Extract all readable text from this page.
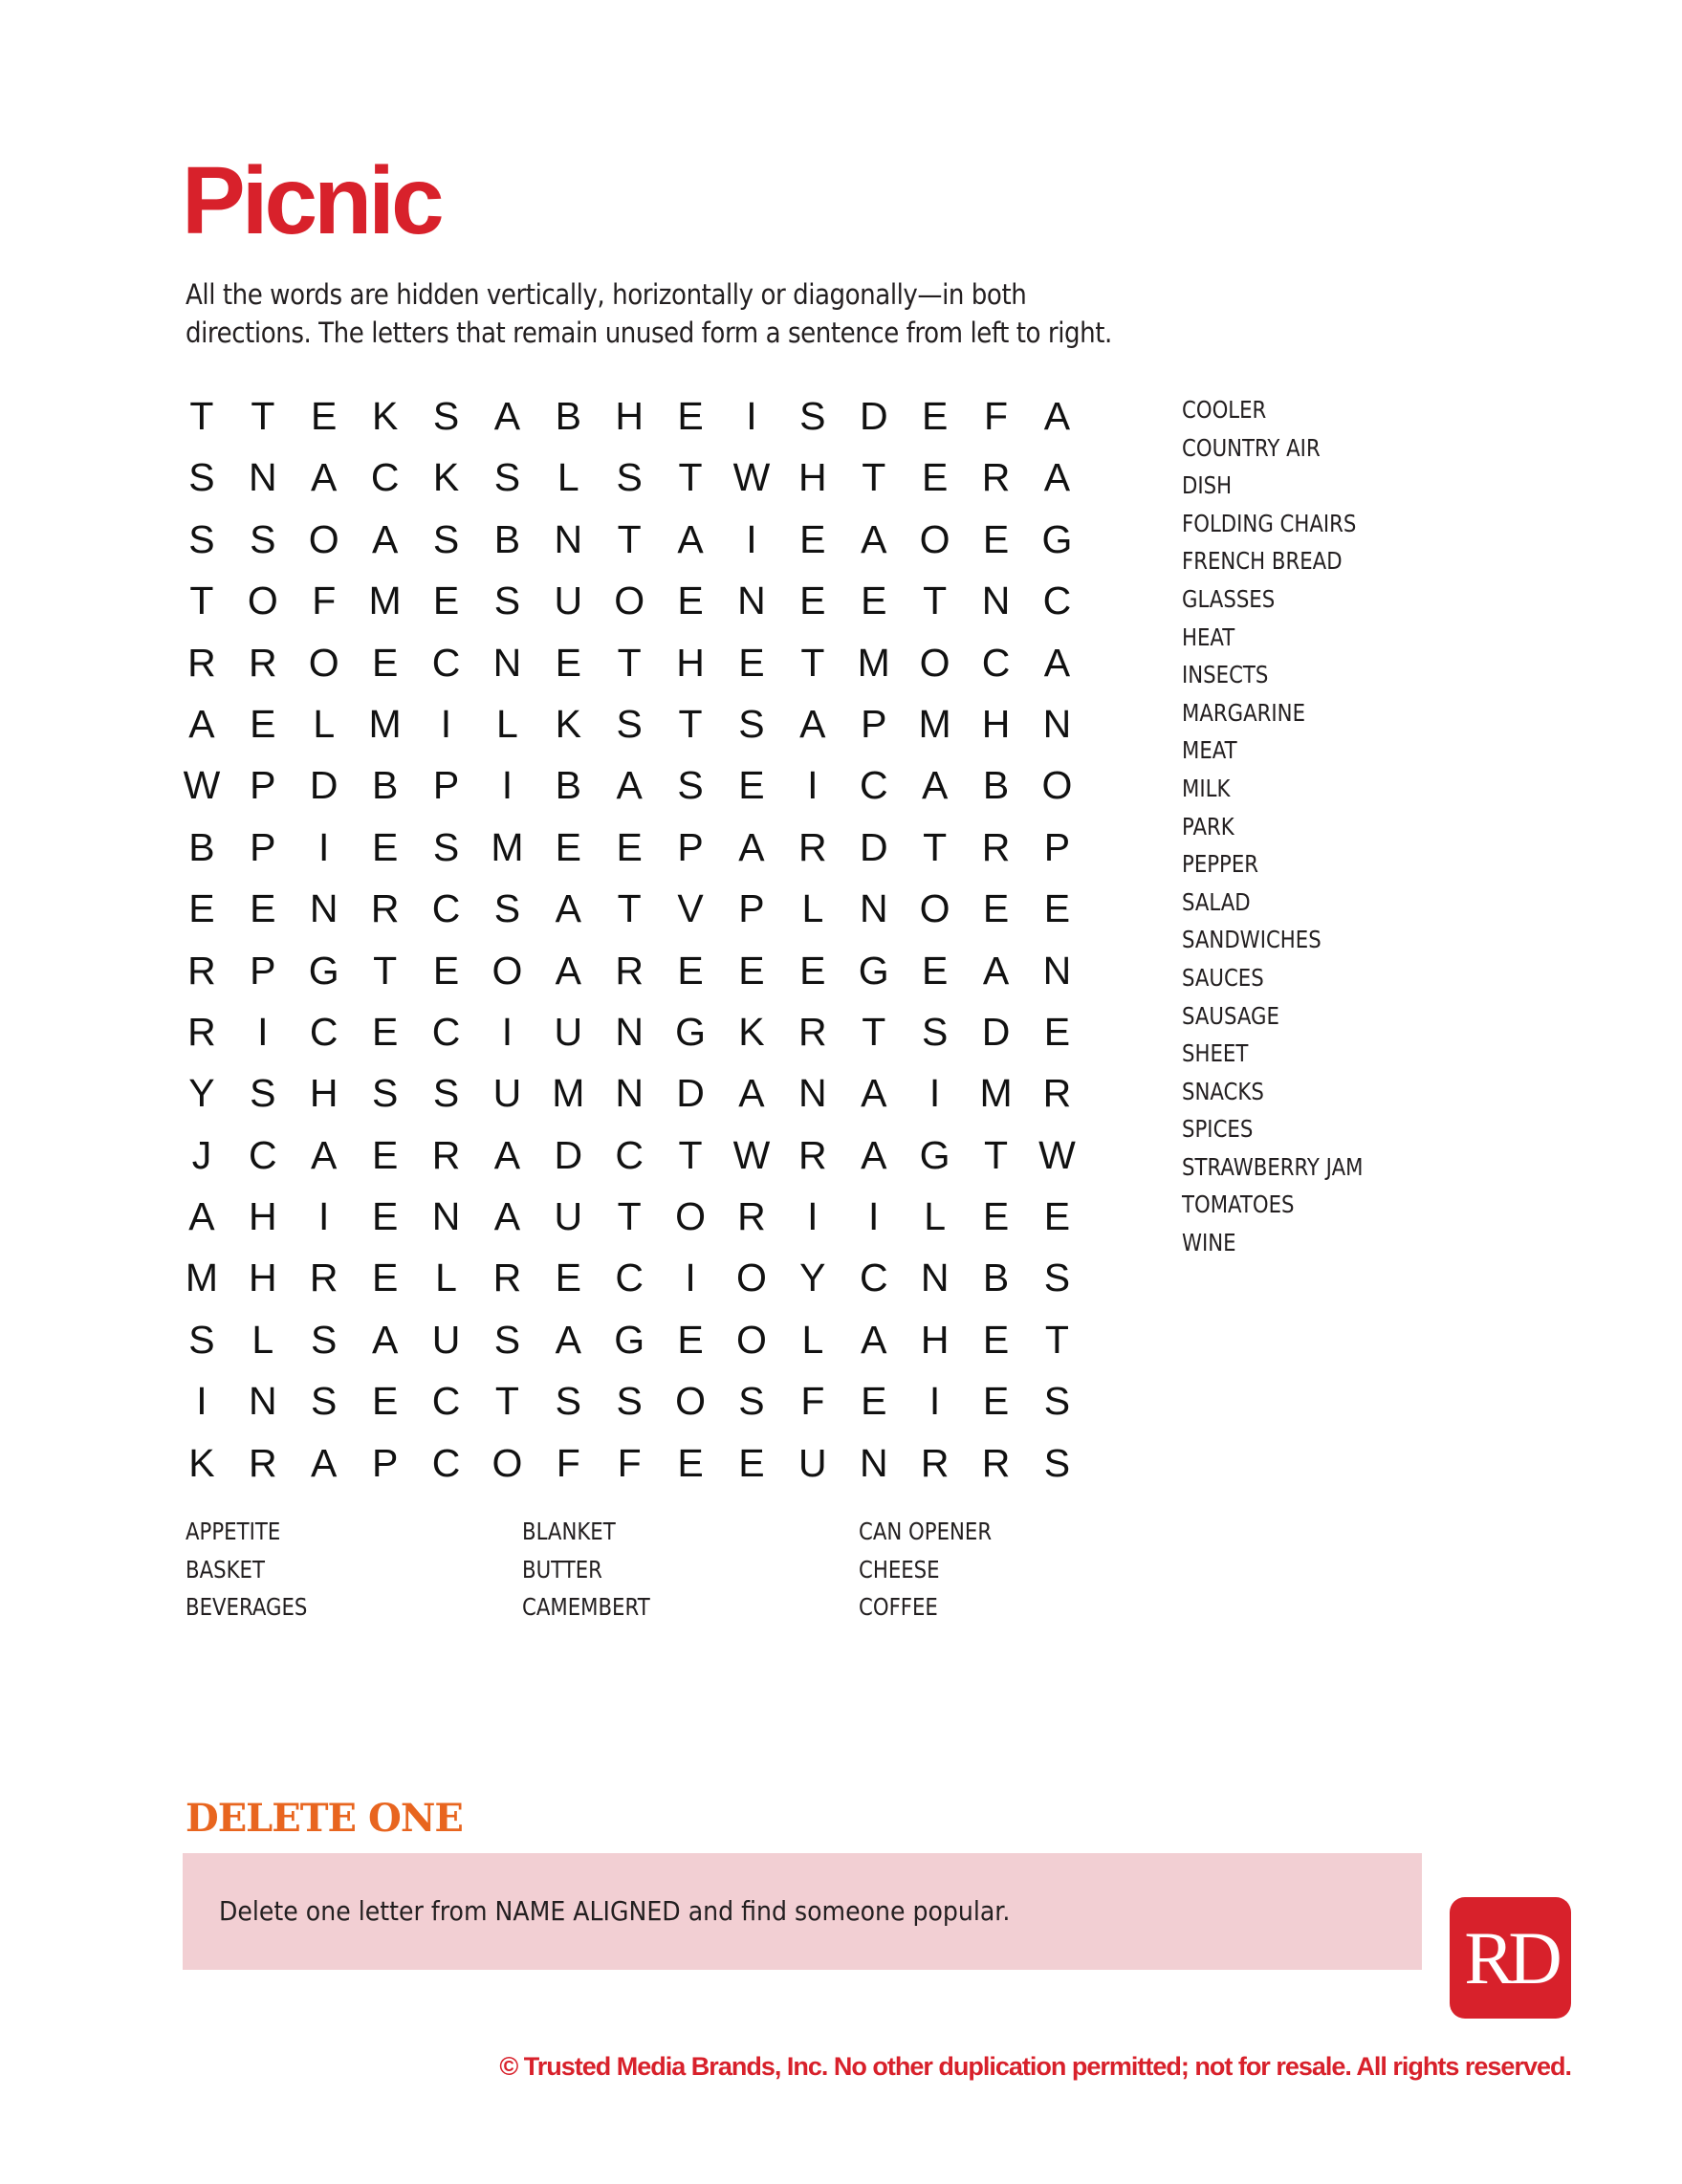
Picnic
All the words are hidden vertically, horizontally or diagonally—in both
directions. The letters that remain unused form a sentence from left to right.
T T E K S A B H E	I	S D E F A
S N A C K S L S T W H T E R A
S S O A S B N T A	I	E A O E G
T O F M E S U O E N E E T N C
R R O E C N E T H E T M O C A
A E L M	I	L K S T S A P M H N
W P D B P	I	B A S E	I	C A B O
B P	I	E S M E E P A R D T R P
E E N R C S A T V P L N O E E
R P G T E O A R E E E G E A N
R	I	C E C	I	U N G K R T S D E
Y S H S S U M N D A N A	I	M R
J C A E R A D C T W R A G T W
A H	I	E N A U T O R	I	I	L E E
M H R E L R E C	I	O Y C N B S
S L S A U S A G E O L A H E T
I	N S E C T S S O S F E	I	E S
K R A P C O F F E E U N R R S
COOLER
COUNTRY AIR
DISH
FOLDING CHAIRS
FRENCH BREAD
GLASSES
HEAT
INSECTS
MARGARINE
MEAT
MILK
PARK
PEPPER
SALAD
SANDWICHES
SAUCES
SAUSAGE
SHEET
SNACKS
SPICES
STRAWBERRY JAM
TOMATOES
WINE
APPETITE
BASKET
BEVERAGES
BLANKET
BUTTER
CAMEMBERT
CAN OPENER
CHEESE
COFFEE
DELETE ONE
Delete one letter from NAME ALIGNED and find someone popular.
RD
© Trusted Media Brands, Inc. No other duplication permitted; not for resale. All rights reserved.
